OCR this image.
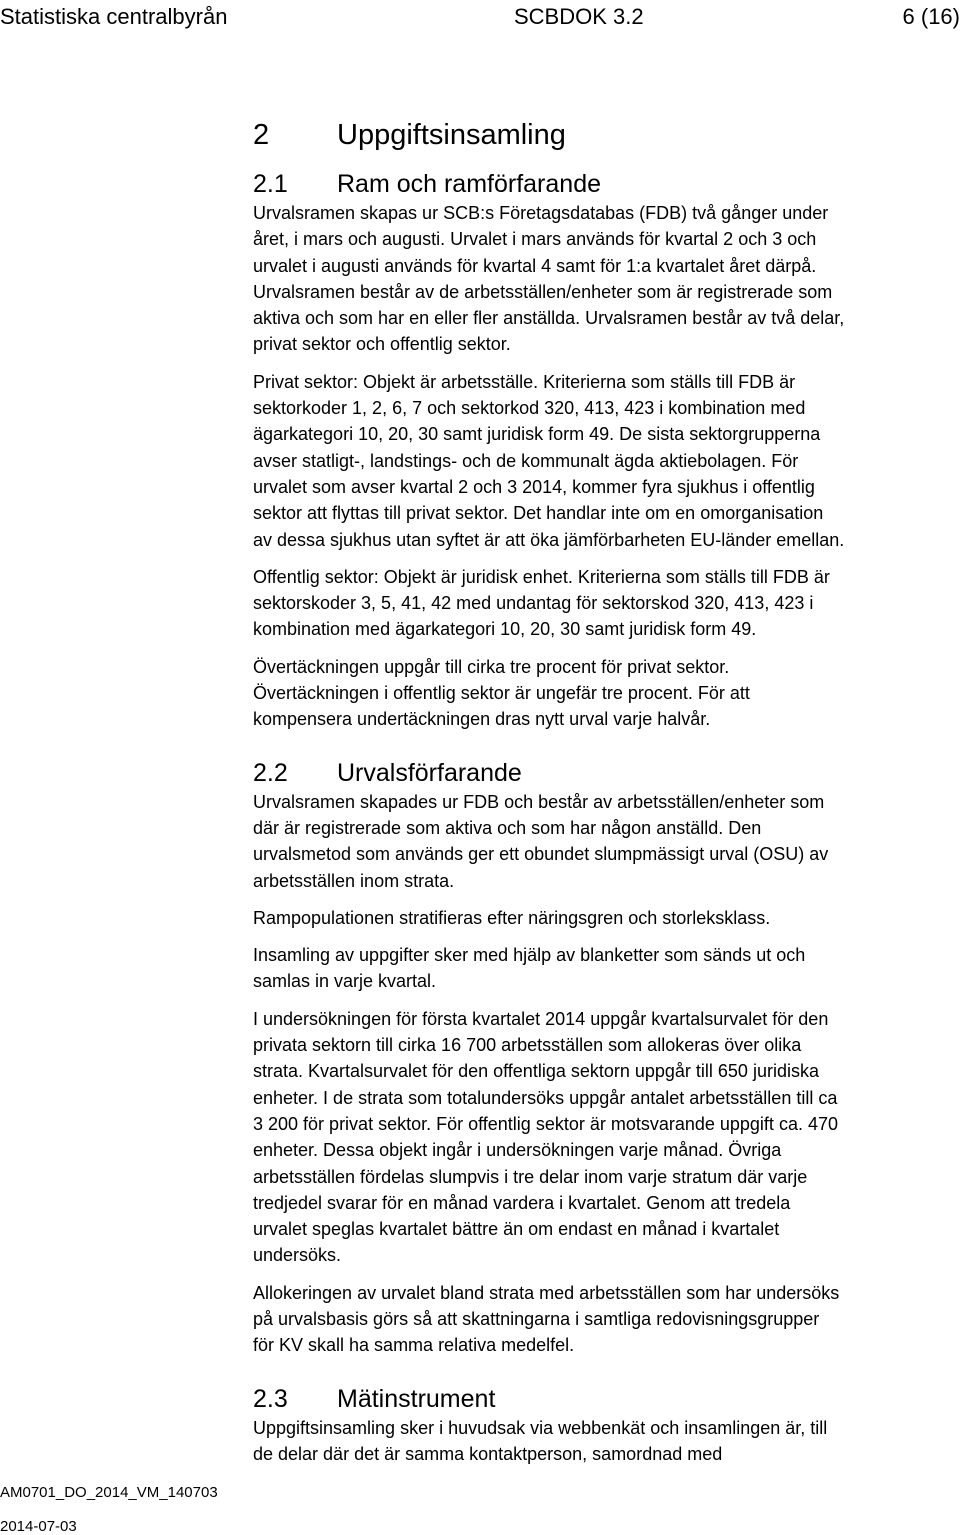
Statistiska centralbyrån	SCBDOK 3.2	6 (16)
2	Uppgiftsinsamling
2.1	Ram och ramförfarande

Urvalsramen skapas ur SCB:s Företagsdatabas (FDB) två gånger under

året, i mars och augusti. Urvalet i mars används för kvartal 2 och 3 och

urvalet i augusti används för kvartal 4 samt för 1:a kvartalet året därpå.

Urvalsramen består av de arbetsställen/enheter som är registrerade som

aktiva och som har en eller fler anställda. Urvalsramen består av två delar,

privat sektor och offentlig sektor.

Privat sektor: Objekt är arbetsställe. Kriterierna som ställs till FDB är

sektorkoder 1, 2, 6, 7 och sektorkod 320, 413, 423 i kombination med

ägarkategori 10, 20, 30 samt juridisk form 49. De sista sektorgrupperna

avser statligt-, landstings- och de kommunalt ägda aktiebolagen. För

urvalet som avser kvartal 2 och 3 2014, kommer fyra sjukhus i offentlig

sektor att flyttas till privat sektor. Det handlar inte om en omorganisation

av dessa sjukhus utan syftet är att öka jämförbarheten EU-länder emellan.

Offentlig sektor: Objekt är juridisk enhet. Kriterierna som ställs till FDB är

sektorskoder 3, 5, 41, 42 med undantag för sektorskod 320, 413, 423 i

kombination med ägarkategori 10, 20, 30 samt juridisk form 49.

Övertäckningen uppgår till cirka tre procent för privat sektor.

Övertäckningen i offentlig sektor är ungefär tre procent. För att

kompensera undertäckningen dras nytt urval varje halvår.

2.2	Urvalsförfarande

Urvalsramen skapades ur FDB och består av arbetsställen/enheter som

där är registrerade som aktiva och som har någon anställd. Den

urvalsmetod som används ger ett obundet slumpmässigt urval (OSU) av

arbetsställen inom strata.

Rampopulationen stratifieras efter näringsgren och storleksklass.

Insamling av uppgifter sker med hjälp av blanketter som sänds ut och

samlas in varje kvartal.

I undersökningen för första kvartalet 2014 uppgår kvartalsurvalet för den

privata sektorn till cirka 16 700 arbetsställen som allokeras över olika

strata. Kvartalsurvalet för den offentliga sektorn uppgår till 650 juridiska

enheter. I de strata som totalundersöks uppgår antalet arbetsställen till ca

3 200 för privat sektor. För offentlig sektor är motsvarande uppgift ca. 470

enheter. Dessa objekt ingår i undersökningen varje månad. Övriga

arbetsställen fördelas slumpvis i tre delar inom varje stratum där varje

tredjedel svarar för en månad vardera i kvartalet. Genom att tredela

urvalet speglas kvartalet bättre än om endast en månad i kvartalet

undersöks.

Allokeringen av urvalet bland strata med arbetsställen som har undersöks

på urvalsbasis görs så att skattningarna i samtliga redovisningsgrupper

för KV skall ha samma relativa medelfel.

2.3	Mätinstrument

Uppgiftsinsamling sker i huvudsak via webbenkät och insamlingen är, till

de delar där det är samma kontaktperson, samordnad med

AM0701_DO_2014_VM_140703
2014-07-03
